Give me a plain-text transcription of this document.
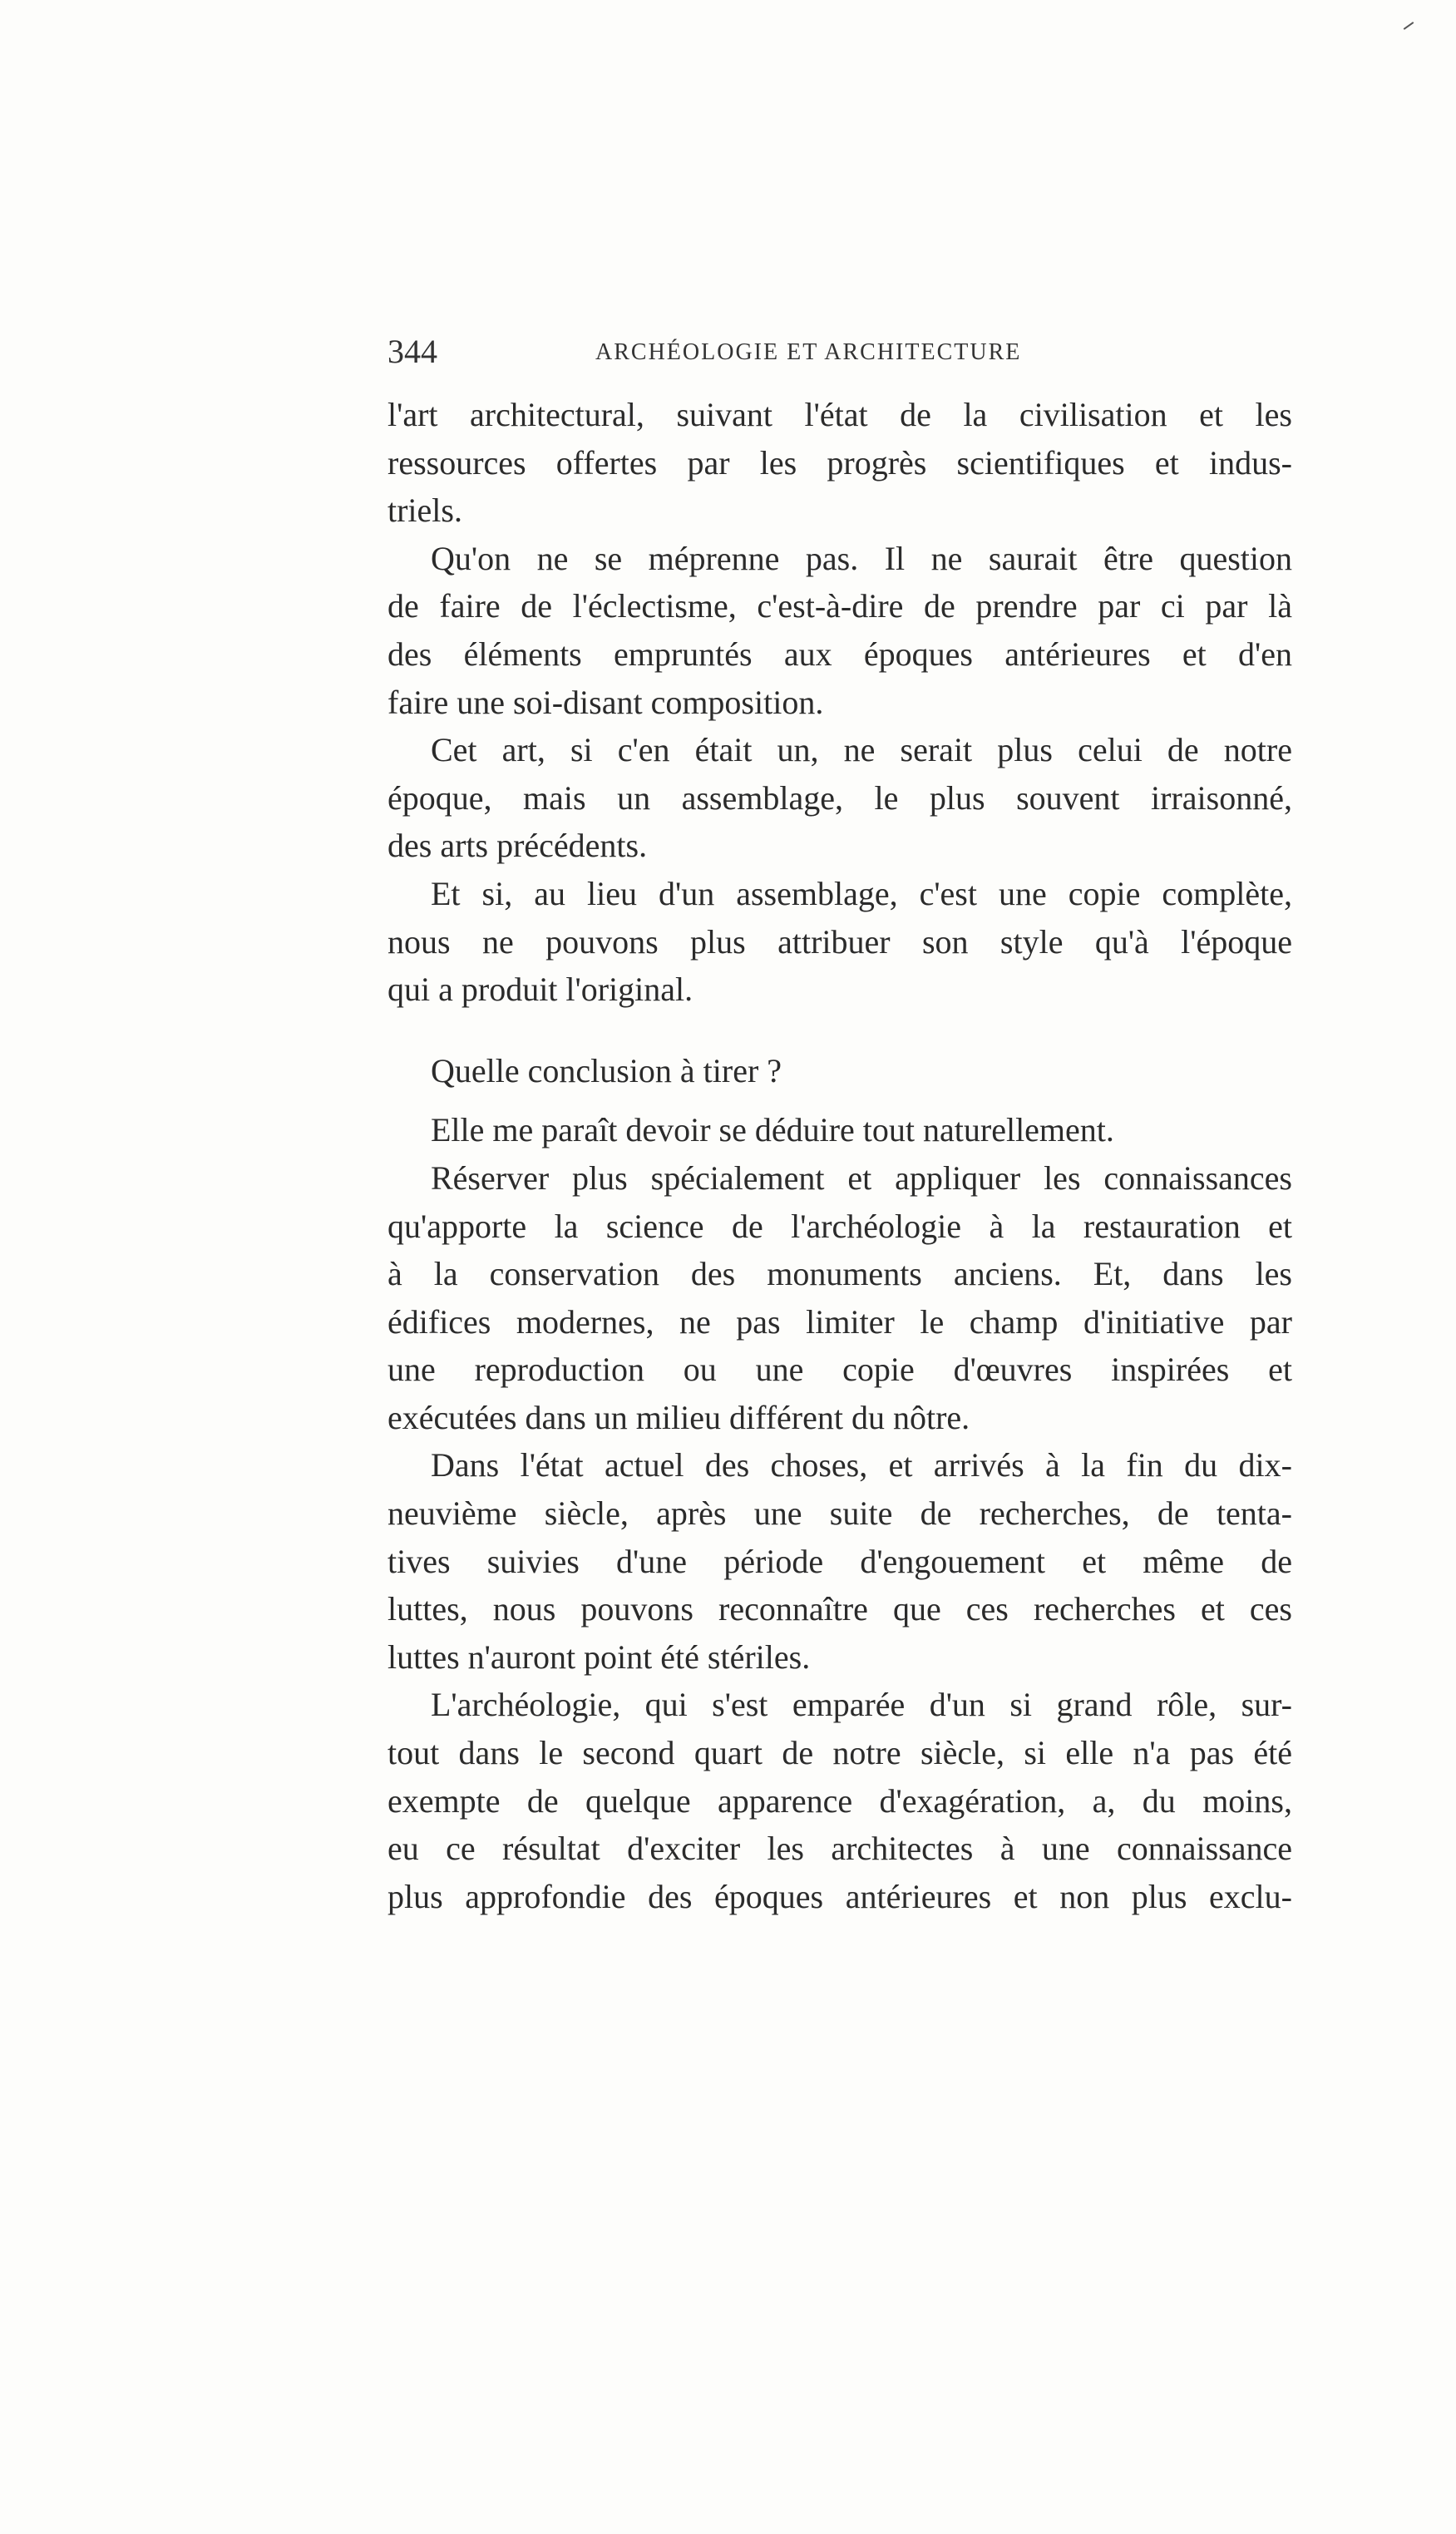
344	ARCHÉOLOGIE ET ARCHITECTURE

l'art architectural, suivant l'état de la civilisation et les
ressources offertes par les progrès scientifiques et indus-
triels.

Qu'on ne se méprenne pas. Il ne saurait être question
de faire de l'éclectisme, c'est-à-dire de prendre par ci par là
des éléments empruntés aux époques antérieures et d'en
faire une soi-disant composition.

Cet art, si c'en était un, ne serait plus celui de notre
époque, mais un assemblage, le plus souvent irraisonné,
des arts précédents.

Et si, au lieu d'un assemblage, c'est une copie complète,
nous ne pouvons plus attribuer son style qu'à l'époque
qui a produit l'original.

Quelle conclusion à tirer ?

Elle me paraît devoir se déduire tout naturellement.

Réserver plus spécialement et appliquer les connaissances
qu'apporte la science de l'archéologie à la restauration et
à la conservation des monuments anciens. Et, dans les
édifices modernes, ne pas limiter le champ d'initiative par
une reproduction ou une copie d'œuvres inspirées et
exécutées dans un milieu différent du nôtre.

Dans l'état actuel des choses, et arrivés à la fin du dix-
neuvième siècle, après une suite de recherches, de tenta-
tives suivies d'une période d'engouement et même de
luttes, nous pouvons reconnaître que ces recherches et ces
luttes n'auront point été stériles.

L'archéologie, qui s'est emparée d'un si grand rôle, sur-
tout dans le second quart de notre siècle, si elle n'a pas été
exempte de quelque apparence d'exagération, a, du moins,
eu ce résultat d'exciter les architectes à une connaissance
plus approfondie des époques antérieures et non plus exclu-
